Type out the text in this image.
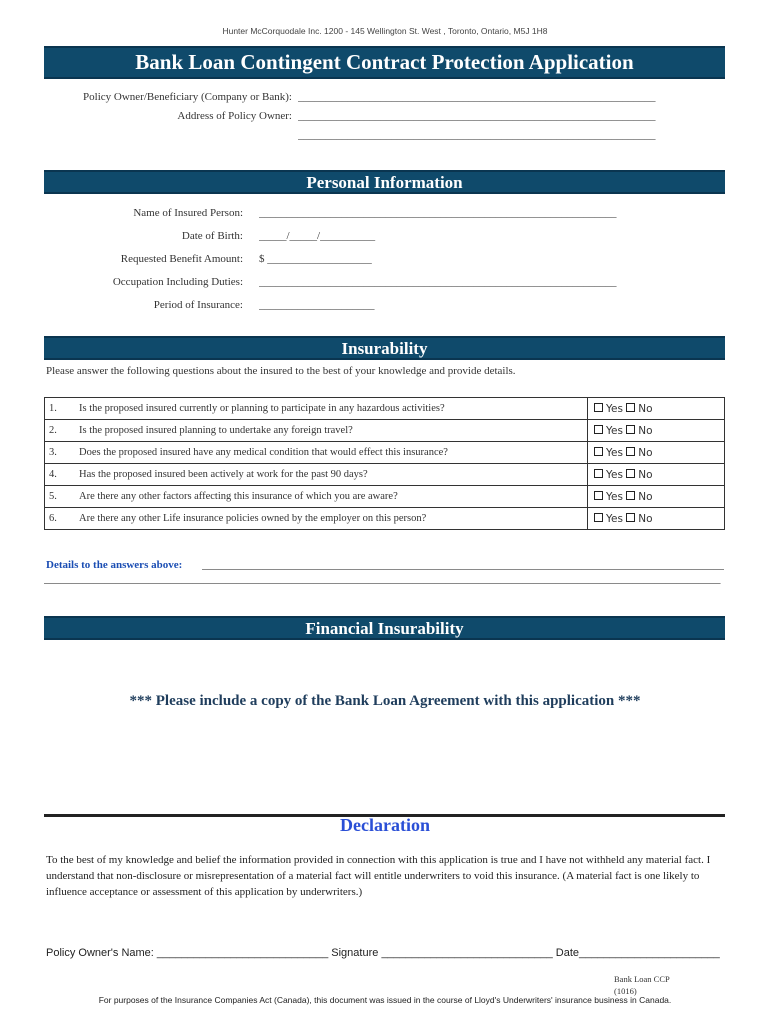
Hunter McCorquodale Inc. 1200 - 145 Wellington St. West , Toronto, Ontario, M5J 1H8
Bank Loan Contingent Contract Protection Application
Policy Owner/Beneficiary (Company or Bank): _________________________________________________________________
Address of Policy Owner: _________________________________________________________________
_________________________________________________________________
Personal Information
Name of Insured Person: _________________________________________________________________
Date of Birth: _____/_____/__________
Requested Benefit Amount: $ ___________________
Occupation Including Duties: _________________________________________________________________
Period of Insurance: _____________________
Insurability
Please answer the following questions about the insured to the best of your knowledge and provide details.
1.	Is the proposed insured currently or planning to participate in any hazardous activities?	Yes No
2.	Is the proposed insured planning to undertake any foreign travel?	Yes No
3.	Does the proposed insured have any medical condition that would effect this insurance?	Yes No
4.	Has the proposed insured been actively at work for the past 90 days?	Yes No
5.	Are there any other factors affecting this insurance of which you are aware?	Yes No
6.	Are there any other Life insurance policies owned by the employer on this person?	Yes No
Details to the answers above: _______________________________________________________________________________________________
___________________________________________________________________________________________________________________________
Financial Insurability
*** Please include a copy of the Bank Loan Agreement with this application ***
Declaration
To the best of my knowledge and belief the information provided in connection with this application is true and I have not withheld any material fact. I understand that non-disclosure or misrepresentation of a material fact will entitle underwriters to void this insurance. (A material fact is one likely to influence acceptance or assessment of this application by underwriters.)
Policy Owner's Name: ____________________________ Signature ____________________________ Date_______________________
Bank Loan CCP
(1016)
For purposes of the Insurance Companies Act (Canada), this document was issued in the course of Lloyd's Underwriters' insurance business in Canada.
